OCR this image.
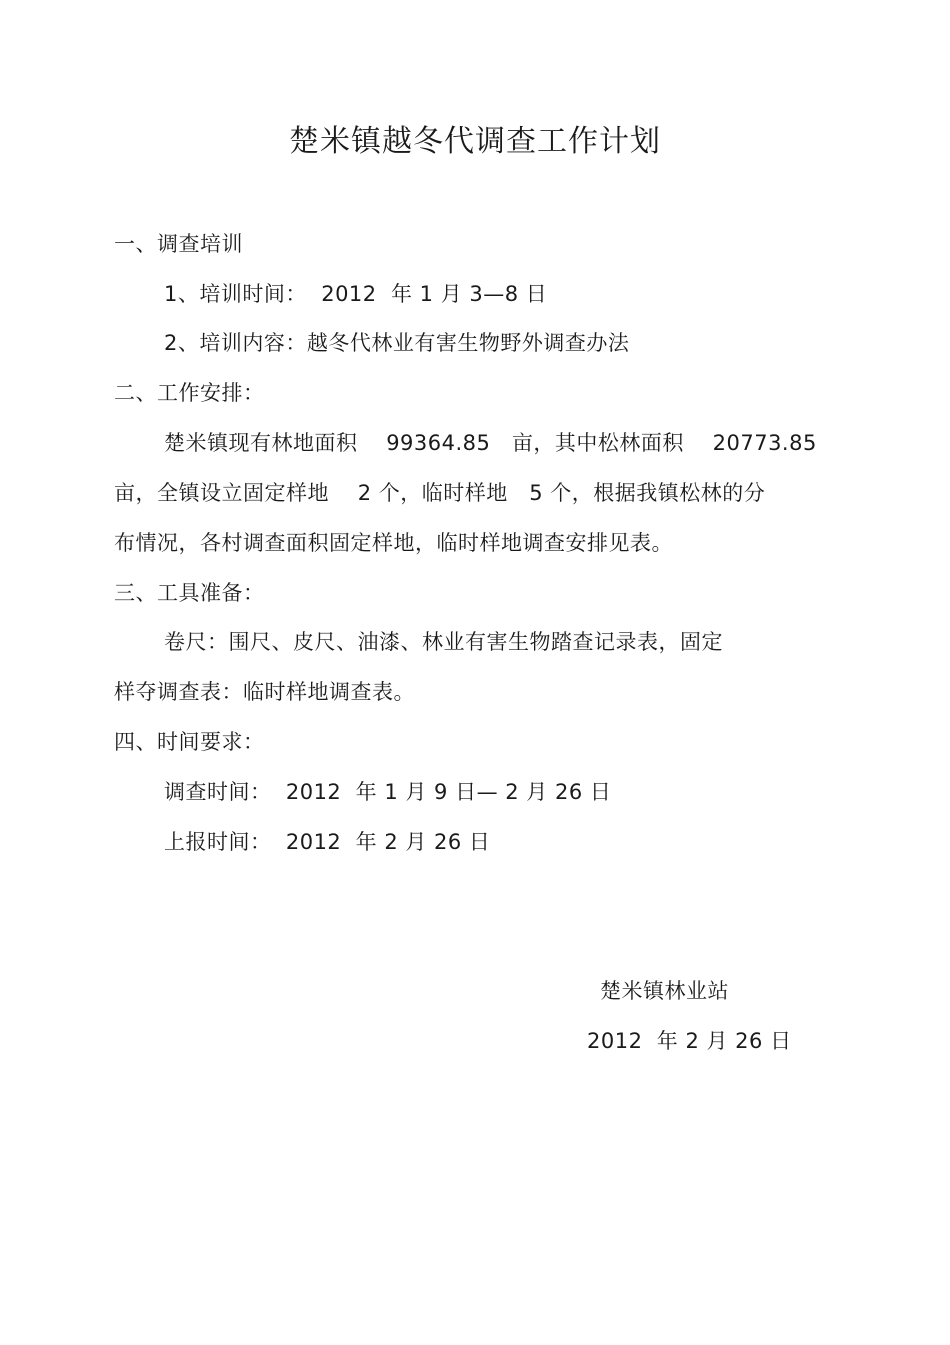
楚米镇越冬代调查工作计划
一、调查培训
1、培训时间：  2012  年 1 月 3—8 日
2、培训内容：越冬代林业有害生物野外调查办法
二、工作安排：
楚米镇现有林地面积    99364.85   亩，其中松林面积    20773.85
亩，全镇设立固定样地    2 个，临时样地   5 个，根据我镇松林的分
布情况，各村调查面积固定样地，临时样地调查安排见表。
三、工具准备：
卷尺：围尺、皮尺、油漆、林业有害生物踏查记录表，固定
样夺调查表：临时样地调查表。
四、时间要求：
调查时间：  2012  年 1 月 9 日— 2 月 26 日
上报时间：  2012  年 2 月 26 日
楚米镇林业站
2012  年 2 月 26 日
